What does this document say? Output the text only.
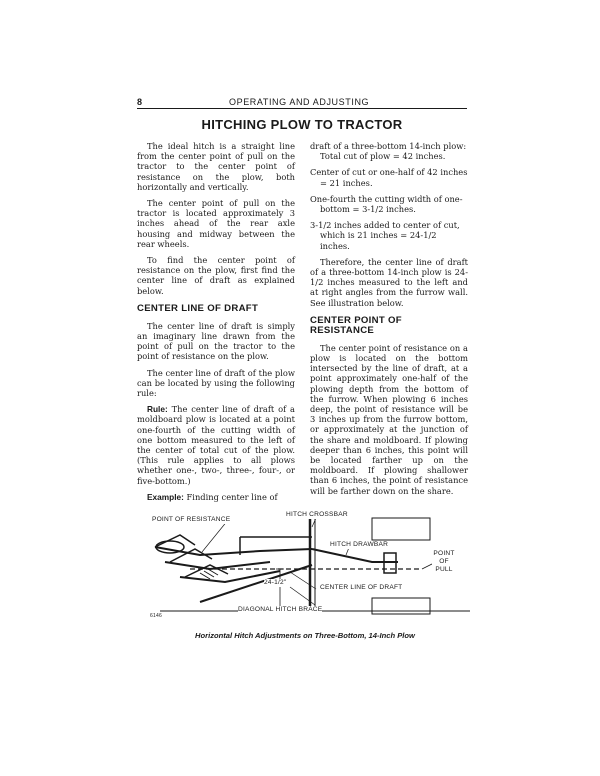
8	OPERATING AND ADJUSTING
HITCHING PLOW TO TRACTOR

The ideal hitch is a straight line from the center point of pull on the tractor to the center point of resistance on the plow, both horizontally and vertically.

The center point of pull on the tractor is located approximately 3 inches ahead of the rear axle housing and midway between the rear wheels.

To find the center point of resistance on the plow, first find the center line of draft as explained below.

CENTER LINE OF DRAFT

The center line of draft is simply an imaginary line drawn from the point of pull on the tractor to the point of resistance on the plow.

The center line of draft of the plow can be located by using the following rule:

Rule: The center line of draft of a moldboard plow is located at a point one-fourth of the cutting width of one bottom measured to the left of the center of total cut of the plow. (This rule applies to all plows whether one-, two-, three-, four-, or five-bottom.)

Example: Finding center line of

draft of a three-bottom 14-inch plow: Total cut of plow = 42 inches.

Center of cut or one-half of 42 inches = 21 inches.

One-fourth the cutting width of one-bottom = 3-1/2 inches.

3-1/2 inches added to center of cut, which is 21 inches = 24-1/2 inches.

Therefore, the center line of draft of a three-bottom 14-inch plow is 24-1/2 inches measured to the left and at right angles from the furrow wall. See illustration below.

CENTER POINT OF RESISTANCE

The center point of resistance on a plow is located on the bottom intersected by the line of draft, at a point approximately one-half of the plowing depth from the bottom of the furrow. When plowing 6 inches deep, the point of resistance will be 3 inches up from the furrow bottom, or approximately at the junction of the share and moldboard. If plowing deeper than 6 inches, this point will be located farther up on the moldboard. If plowing shallower than 6 inches, the point of resistance will be farther down on the share.

POINT OF RESISTANCE
HITCH CROSSBAR
HITCH DRAWBAR
POINT OF PULL
24-1/2"
CENTER LINE OF DRAFT
DIAGONAL HITCH BRACE
6146
Horizontal Hitch Adjustments on Three-Bottom, 14-Inch Plow
